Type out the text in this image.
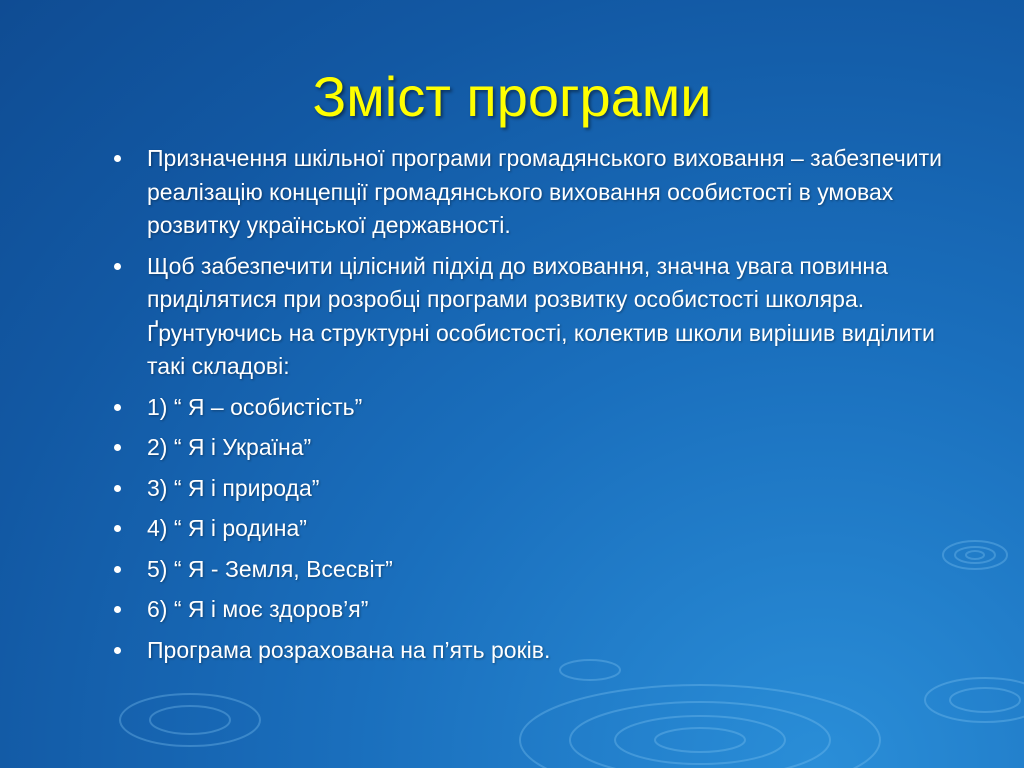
Зміст програми
Призначення шкільної програми громадянського виховання – забезпечити реалізацію концепції громадянського виховання особистості в умовах розвитку української державності.
Щоб забезпечити цілісний підхід до виховання, значна увага повинна приділятися при розробці програми розвитку особистості школяра. Ґрунтуючись на структурні особистості, колектив школи вирішив виділити такі складові:
1) “ Я – особистість”
2) “ Я і Україна”
3) “ Я і природа”
4) “ Я і родина”
5) “ Я - Земля, Всесвіт”
6) “ Я і моє здоров’я”
Програма розрахована на п’ять років.
